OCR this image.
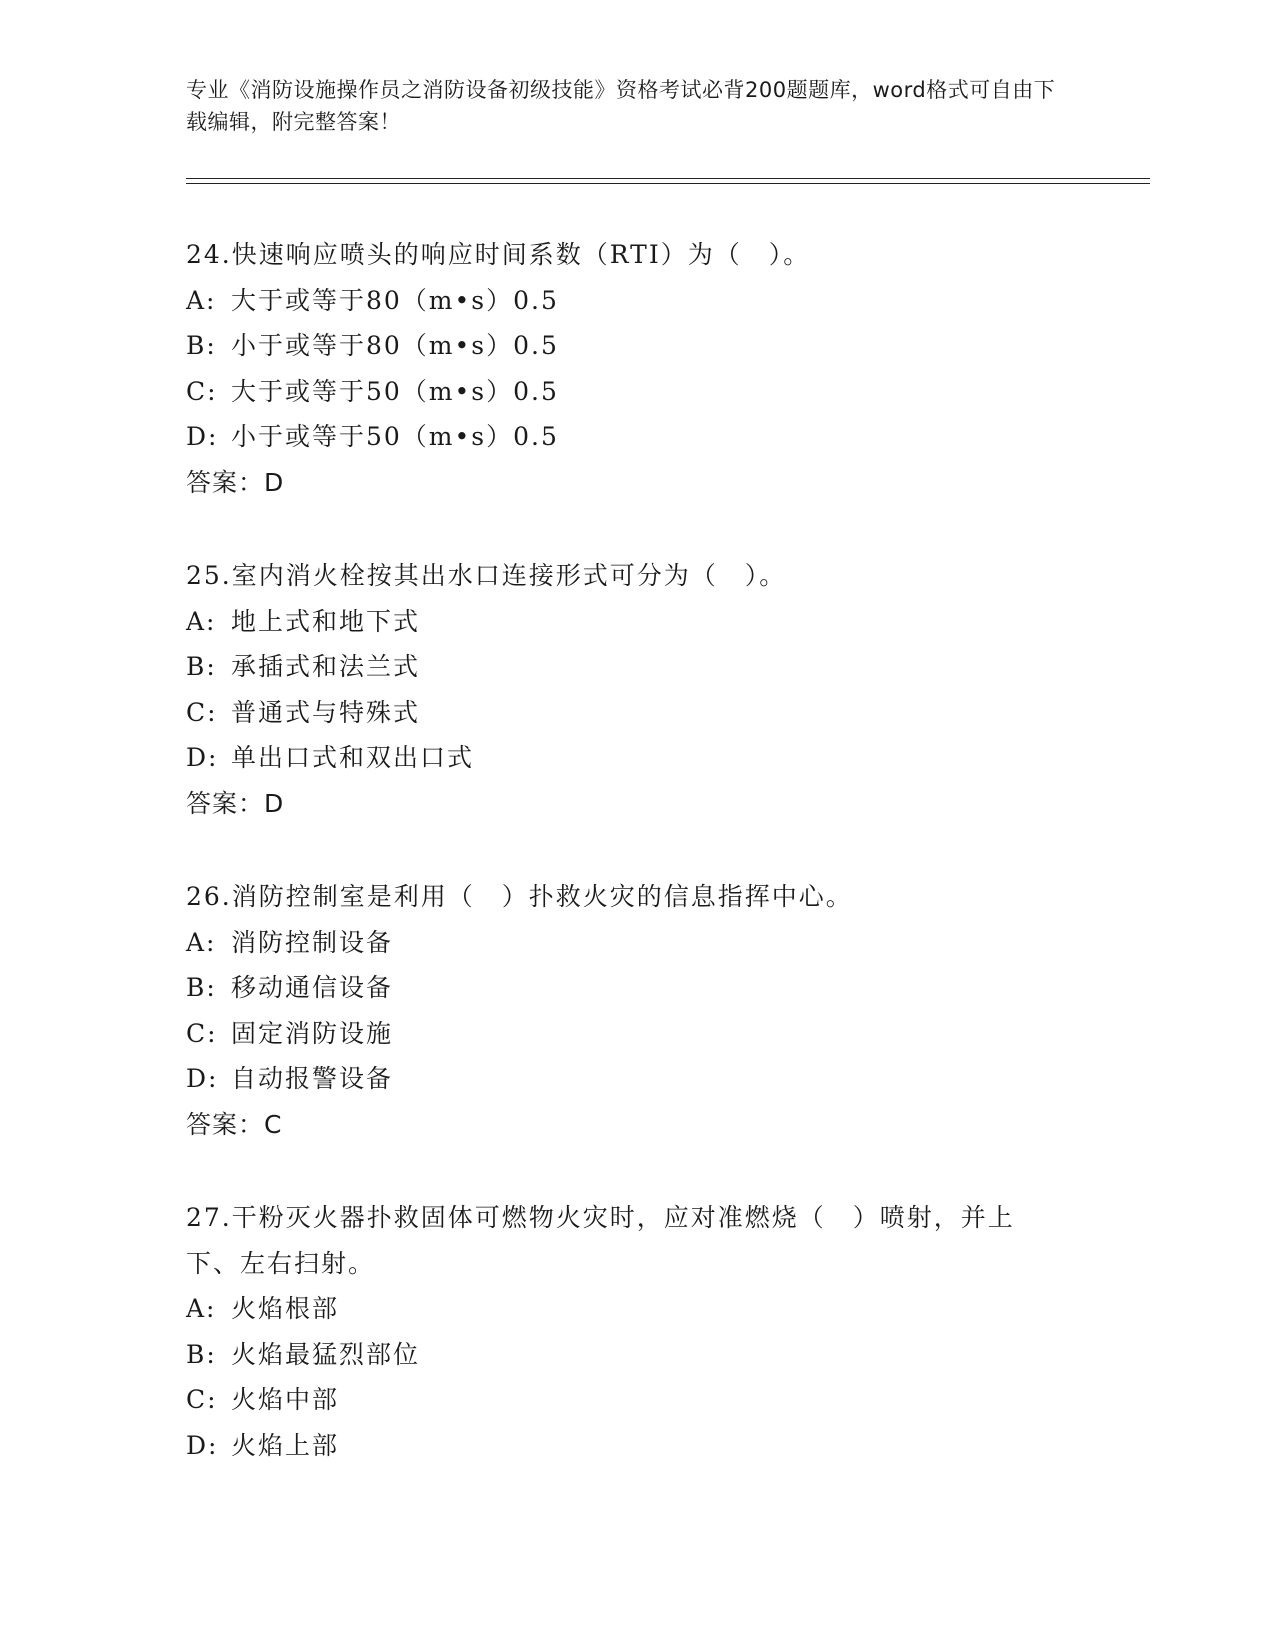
专业《消防设施操作员之消防设备初级技能》资格考试必背200题题库，word格式可自由下载编辑，附完整答案！
24.快速响应喷头的响应时间系数（RTI）为（　）。
A: 大于或等于80（m•s）0.5
B: 小于或等于80（m•s）0.5
C: 大于或等于50（m•s）0.5
D: 小于或等于50（m•s）0.5
答案：D
25.室内消火栓按其出水口连接形式可分为（　）。
A: 地上式和地下式
B: 承插式和法兰式
C: 普通式与特殊式
D: 单出口式和双出口式
答案：D
26.消防控制室是利用（　）扑救火灾的信息指挥中心。
A: 消防控制设备
B: 移动通信设备
C: 固定消防设施
D: 自动报警设备
答案：C
27.干粉灭火器扑救固体可燃物火灾时，应对准燃烧（　）喷射，并上
下、左右扫射。
A: 火焰根部
B: 火焰最猛烈部位
C: 火焰中部
D: 火焰上部
